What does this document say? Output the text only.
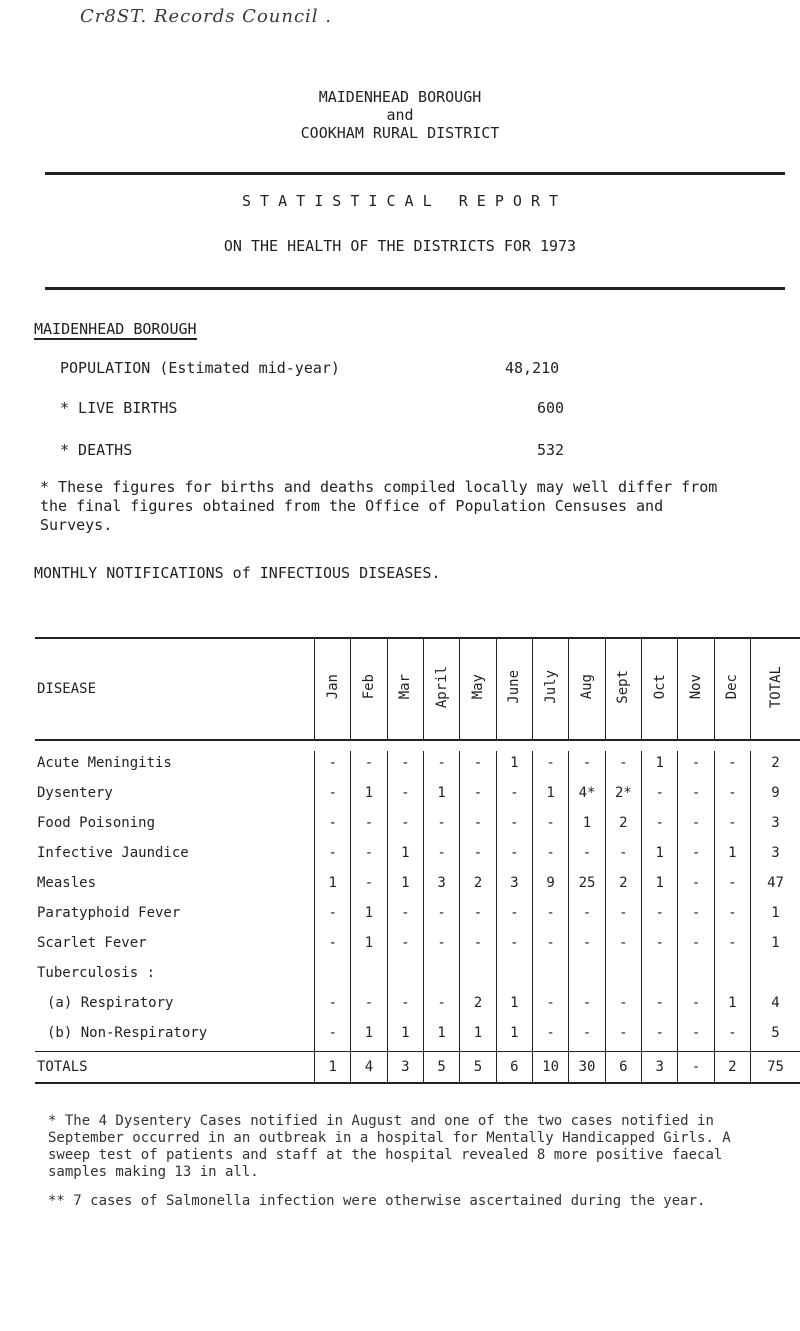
Cr8ST. Records Council .
MAIDENHEAD BOROUGH
and
COOKHAM RURAL DISTRICT
S T A T I S T I C A L   R E P O R T
ON THE HEALTH OF THE DISTRICTS FOR 1973
MAIDENHEAD BOROUGH
POPULATION (Estimated mid-year)	48,210
* LIVE BIRTHS	600
* DEATHS	532
* These figures for births and deaths compiled locally may well differ from the final figures obtained from the Office of Population Censuses and Surveys.
MONTHLY NOTIFICATIONS of INFECTIOUS DISEASES.
DISEASE	Jan	Feb	Mar	April	May	June	July	Aug	Sept	Oct	Nov	Dec	TOTAL

Acute Meningitis	-	-	-	-	-	1	-	-	-	1	-	-	2
Dysentery	-	1	-	1	-	-	1	4*	2*	-	-	-	9
Food Poisoning	-	-	-	-	-	-	-	1	2	-	-	-	3
Infective Jaundice	-	-	1	-	-	-	-	-	-	1	-	1	3
Measles	1	-	1	3	2	3	9	25	2	1	-	-	47
Paratyphoid Fever	-	1	-	-	-	-	-	-	-	-	-	-	1
Scarlet Fever	-	1	-	-	-	-	-	-	-	-	-	-	1
Tuberculosis :													
(a) Respiratory	-	-	-	-	2	1	-	-	-	-	-	1	4
(b) Non-Respiratory	-	1	1	1	1	1	-	-	-	-	-	-	5
TOTALS	1	4	3	5	5	6	10	30	6	3	-	2	75
* The 4 Dysentery Cases notified in August and one of the two cases notified in September occurred in an outbreak in a hospital for Mentally Handicapped Girls. A sweep test of patients and staff at the hospital revealed 8 more positive faecal samples making 13 in all.
** 7 cases of Salmonella infection were otherwise ascertained during the year.
